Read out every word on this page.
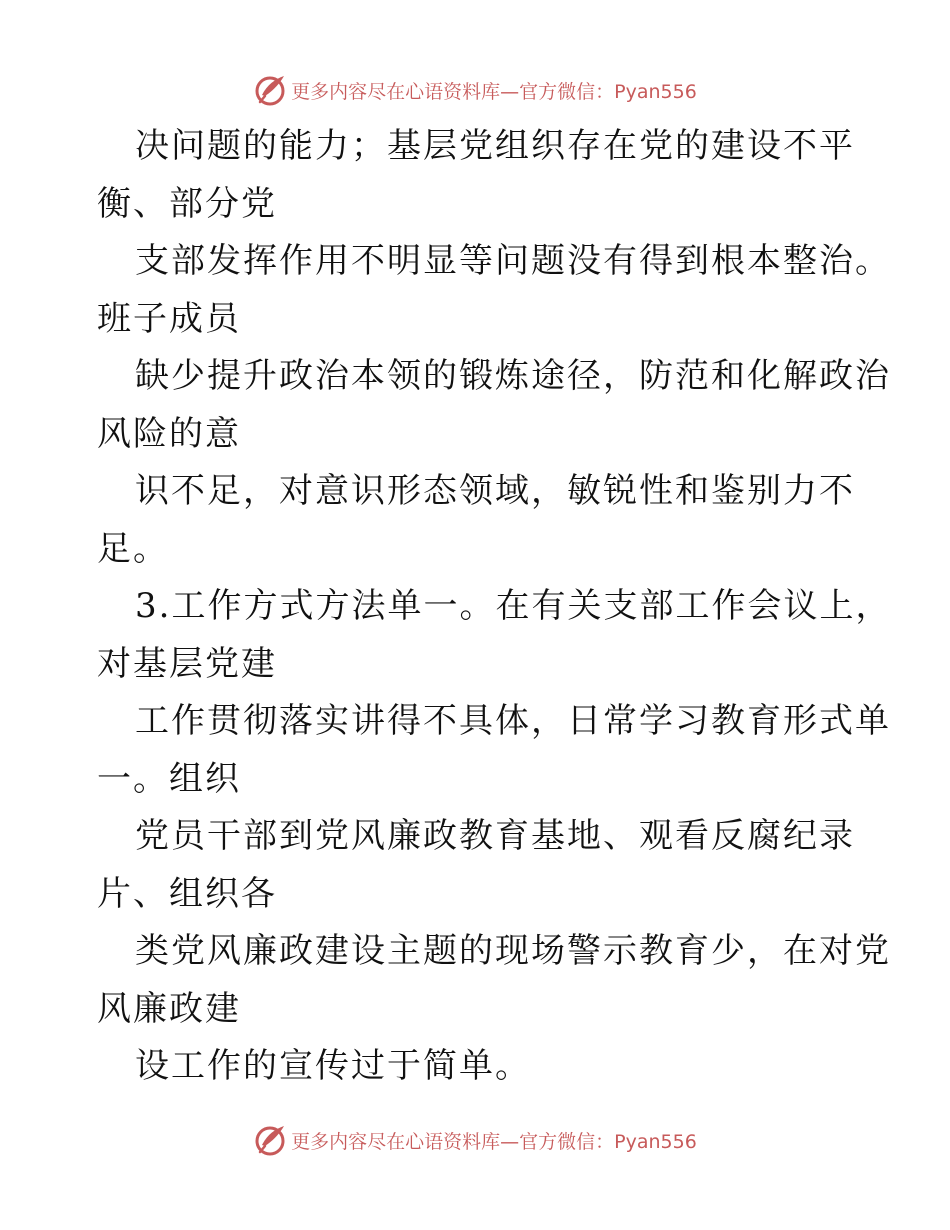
更多内容尽在心语资料库—官方微信：Pyan556
决问题的能力；基层党组织存在党的建设不平
衡、部分党
支部发挥作用不明显等问题没有得到根本整治。
班子成员
缺少提升政治本领的锻炼途径，防范和化解政治
风险的意
识不足，对意识形态领域，敏锐性和鉴别力不
足。
3.工作方式方法单一。在有关支部工作会议上，
对基层党建
工作贯彻落实讲得不具体，日常学习教育形式单
一。组织
党员干部到党风廉政教育基地、观看反腐纪录
片、组织各
类党风廉政建设主题的现场警示教育少，在对党
风廉政建
设工作的宣传过于简单。
更多内容尽在心语资料库—官方微信：Pyan556
